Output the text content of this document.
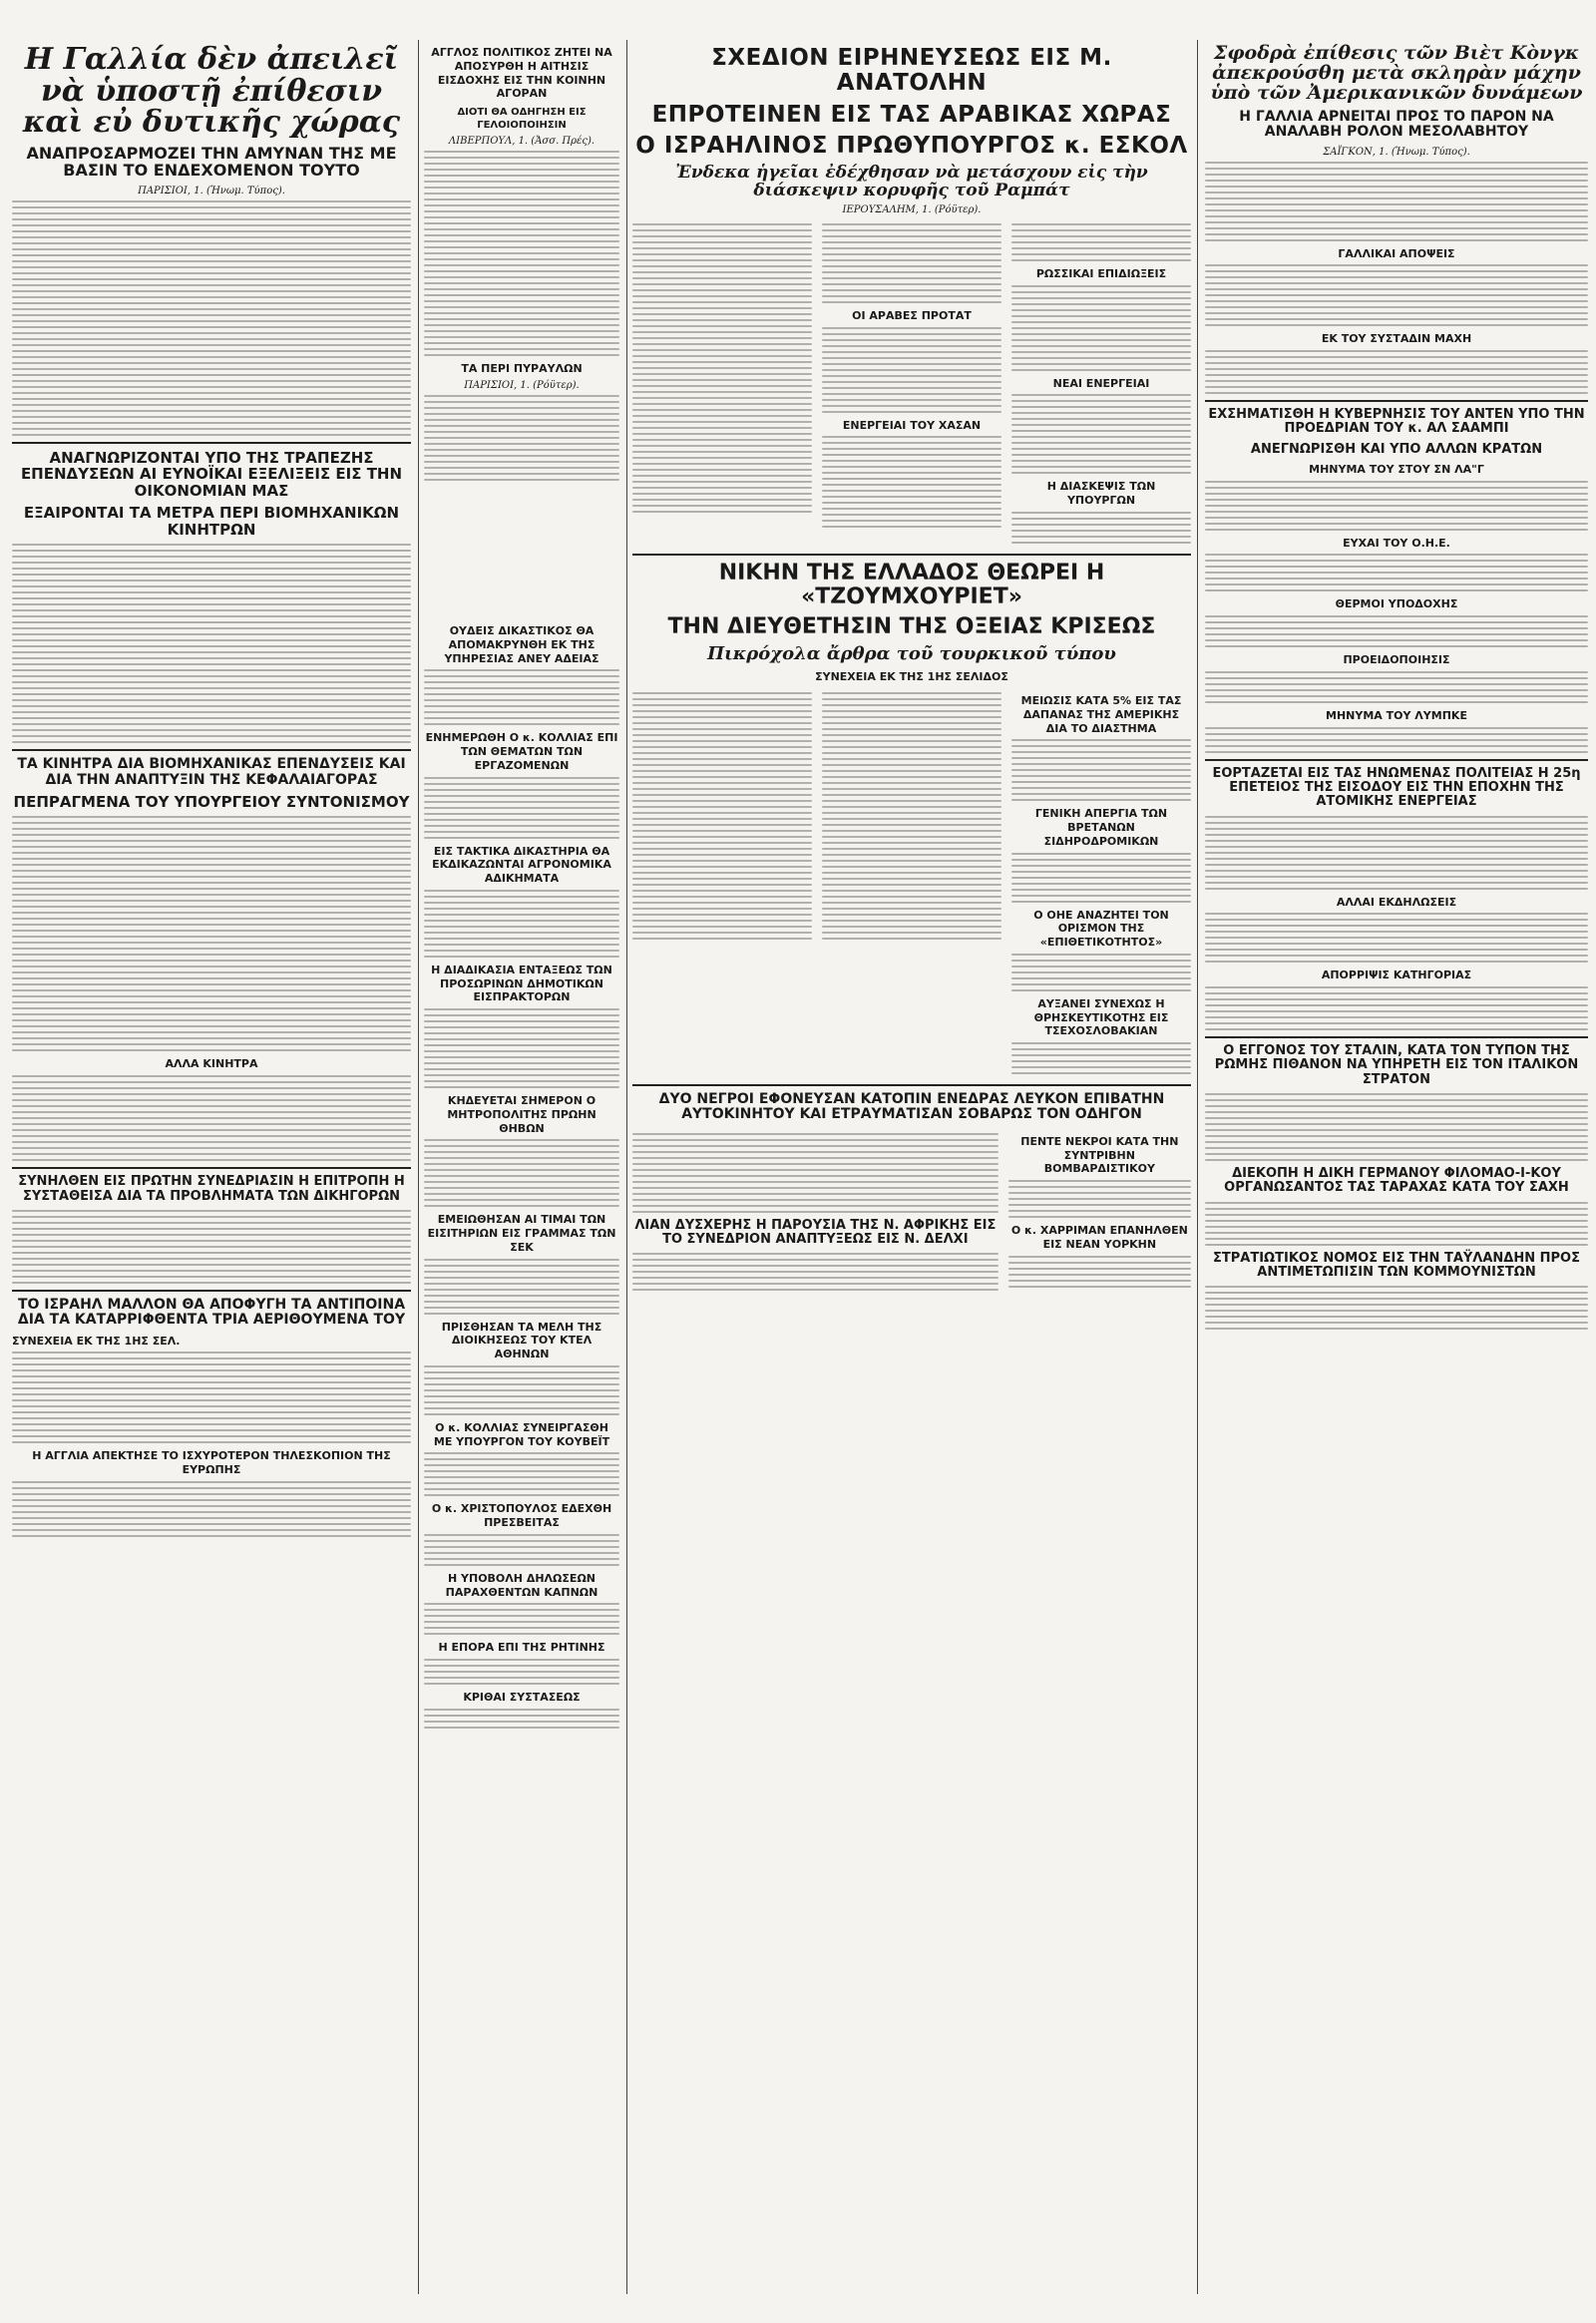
Η Γαλλία δὲν ἀπειλεῖ νὰ ὑποστῇ ἐπίθεσιν καὶ εὐ δυτικῆς χώρας
ΑΝΑΠΡΟΣΑΡΜΟΖΕΙ ΤΗΝ ΑΜΥΝΑΝ ΤΗΣ ΜΕ ΒΑΣΙΝ ΤΟ ΕΝΔΕΧΟΜΕΝΟΝ ΤΟΥΤΟ
ΠΑΡΙΣΙΟΙ, 1. (Ἡνωμ. Τύπος).
ΑΝΑΓΝΩΡΙΖΟΝΤΑΙ ΥΠΟ ΤΗΣ ΤΡΑΠΕΖΗΣ ΕΠΕΝΔΥΣΕΩΝ ΑΙ ΕΥΝΟΪΚΑΙ ΕΞΕΛΙΞΕΙΣ ΕΙΣ ΤΗΝ ΟΙΚΟΝΟΜΙΑΝ ΜΑΣ
ΕΞΑΙΡΟΝΤΑΙ ΤΑ ΜΕΤΡΑ ΠΕΡΙ ΒΙΟΜΗΧΑΝΙΚΩΝ ΚΙΝΗΤΡΩΝ
ΤΑ ΚΙΝΗΤΡΑ ΔΙΑ ΒΙΟΜΗΧΑΝΙΚΑΣ ΕΠΕΝΔΥΣΕΙΣ ΚΑΙ ΔΙΑ ΤΗΝ ΑΝΑΠΤΥΞΙΝ ΤΗΣ ΚΕΦΑΛΑΙΑΓΟΡΑΣ
ΠΕΠΡΑΓΜΕΝΑ ΤΟΥ ΥΠΟΥΡΓΕΙΟΥ ΣΥΝΤΟΝΙΣΜΟΥ
ΑΛΛΑ ΚΙΝΗΤΡΑ
ΣΥΝΗΛΘΕΝ ΕΙΣ ΠΡΩΤΗΝ ΣΥΝΕΔΡΙΑΣΙΝ Η ΕΠΙΤΡΟΠΗ Η ΣΥΣΤΑΘΕΙΣΑ ΔΙΑ ΤΑ ΠΡΟΒΛΗΜΑΤΑ ΤΩΝ ΔΙΚΗΓΟΡΩΝ
ΤΟ ΙΣΡΑΗΛ ΜΑΛΛΟΝ ΘΑ ΑΠΟΦΥΓΗ ΤΑ ΑΝΤΙΠΟΙΝΑ ΔΙΑ ΤΑ ΚΑΤΑΡΡΙΦΘΕΝΤΑ ΤΡΙΑ ΑΕΡΙΘΟΥΜΕΝΑ ΤΟΥ
ΣΥΝΕΧΕΙΑ ΕΚ ΤΗΣ 1ΗΣ ΣΕΛ.
Η ΑΓΓΛΙΑ ΑΠΕΚΤΗΣΕ ΤΟ ΙΣΧΥΡΟΤΕΡΟΝ ΤΗΛΕΣΚΟΠΙΟΝ ΤΗΣ ΕΥΡΩΠΗΣ
ΑΓΓΛΟΣ ΠΟΛΙΤΙΚΟΣ ΖΗΤΕΙ ΝΑ ΑΠΟΣΥΡΘΗ Η ΑΙΤΗΣΙΣ ΕΙΣΔΟΧΗΣ ΕΙΣ ΤΗΝ ΚΟΙΝΗΝ ΑΓΟΡΑΝ
ΔΙΟΤΙ ΘΑ ΟΔΗΓΗΣΗ ΕΙΣ ΓΕΛΟΙΟΠΟΙΗΣΙΝ
ΛΙΒΕΡΠΟΥΛ, 1. (Ἀσσ. Πρές).
ΤΑ ΠΕΡΙ ΠΥΡΑΥΛΩΝ
ΠΑΡΙΣΙΟΙ, 1. (Ρόϋτερ).
ΟΥΔΕΙΣ ΔΙΚΑΣΤΙΚΟΣ ΘΑ ΑΠΟΜΑΚΡΥΝΘΗ ΕΚ ΤΗΣ ΥΠΗΡΕΣΙΑΣ ΑΝΕΥ ΑΔΕΙΑΣ
ΕΝΗΜΕΡΩΘΗ Ο κ. ΚΟΛΛΙΑΣ ΕΠΙ ΤΩΝ ΘΕΜΑΤΩΝ ΤΩΝ ΕΡΓΑΖΟΜΕΝΩΝ
ΕΙΣ ΤΑΚΤΙΚΑ ΔΙΚΑΣΤΗΡΙΑ ΘΑ ΕΚΔΙΚΑΖΩΝΤΑΙ ΑΓΡΟΝΟΜΙΚΑ ΑΔΙΚΗΜΑΤΑ
Η ΔΙΑΔΙΚΑΣΙΑ ΕΝΤΑΞΕΩΣ ΤΩΝ ΠΡΟΣΩΡΙΝΩΝ ΔΗΜΟΤΙΚΩΝ ΕΙΣΠΡΑΚΤΟΡΩΝ
ΚΗΔΕΥΕΤΑΙ ΣΗΜΕΡΟΝ Ο ΜΗΤΡΟΠΟΛΙΤΗΣ ΠΡΩΗΝ ΘΗΒΩΝ
ΕΜΕΙΩΘΗΣΑΝ ΑΙ ΤΙΜΑΙ ΤΩΝ ΕΙΣΙΤΗΡΙΩΝ ΕΙΣ ΓΡΑΜΜΑΣ ΤΩΝ ΣΕΚ
ΠΡΙΣΘΗΣΑΝ ΤΑ ΜΕΛΗ ΤΗΣ ΔΙΟΙΚΗΣΕΩΣ ΤΟΥ ΚΤΕΛ ΑΘΗΝΩΝ
Ο κ. ΚΟΛΛΙΑΣ ΣΥΝΕΙΡΓΑΣΘΗ ΜΕ ΥΠΟΥΡΓΟΝ ΤΟΥ ΚΟΥΒΕΪΤ
Ο κ. ΧΡΙΣΤΟΠΟΥΛΟΣ ΕΔΕΧΘΗ ΠΡΕΣΒΕΙΤΑΣ
Η ΥΠΟΒΟΛΗ ΔΗΛΩΣΕΩΝ ΠΑΡΑΧΘΕΝΤΩΝ ΚΑΠΝΩΝ
Η ΕΠΟΡΑ ΕΠΙ ΤΗΣ ΡΗΤΙΝΗΣ
ΚΡΙΘΑΙ ΣΥΣΤΑΣΕΩΣ
ΣΧΕΔΙΟΝ ΕΙΡΗΝΕΥΣΕΩΣ ΕΙΣ Μ. ΑΝΑΤΟΛΗΝ
ΕΠΡΟΤΕΙΝΕΝ ΕΙΣ ΤΑΣ ΑΡΑΒΙΚΑΣ ΧΩΡΑΣ
Ο ΙΣΡΑΗΛΙΝΟΣ ΠΡΩΘΥΠΟΥΡΓΟΣ κ. ΕΣΚΟΛ
Ἐνδεκα ἡγεῖαι ἐδέχθησαν νὰ μετάσχουν εἰς τὴν διάσκεψιν κορυφῆς τοῦ Ραμπάτ
ΙΕΡΟΥΣΑΛΗΜ, 1. (Ρόϋτερ).
ΟΙ ΑΡΑΒΕΣ ΠΡΟΤΑΤ
ΕΝΕΡΓΕΙΑΙ ΤΟΥ ΧΑΣΑΝ
ΡΩΣΣΙΚΑΙ ΕΠΙΔΙΩΞΕΙΣ
ΝΕΑΙ ΕΝΕΡΓΕΙΑΙ
Η ΔΙΑΣΚΕΨΙΣ ΤΩΝ ΥΠΟΥΡΓΩΝ
ΝΙΚΗΝ ΤΗΣ ΕΛΛΑΔΟΣ ΘΕΩΡΕΙ Η «ΤΖΟΥΜΧΟΥΡΙΕΤ»
ΤΗΝ ΔΙΕΥΘΕΤΗΣΙΝ ΤΗΣ ΟΞΕΙΑΣ ΚΡΙΣΕΩΣ
Πικρόχολα ἄρθρα τοῦ τουρκικοῦ τύπου
ΣΥΝΕΧΕΙΑ ΕΚ ΤΗΣ 1ΗΣ ΣΕΛΙΔΟΣ
ΜΕΙΩΣΙΣ ΚΑΤΑ 5% ΕΙΣ ΤΑΣ ΔΑΠΑΝΑΣ ΤΗΣ ΑΜΕΡΙΚΗΣ ΔΙΑ ΤΟ ΔΙΑΣΤΗΜΑ
ΓΕΝΙΚΗ ΑΠΕΡΓΙΑ ΤΩΝ ΒΡΕΤΑΝΩΝ ΣΙΔΗΡΟΔΡΟΜΙΚΩΝ
Ο ΟΗΕ ΑΝΑΖΗΤΕΙ ΤΟΝ ΟΡΙΣΜΟΝ ΤΗΣ «ΕΠΙΘΕΤΙΚΟΤΗΤΟΣ»
ΑΥΞΑΝΕΙ ΣΥΝΕΧΩΣ Η ΘΡΗΣΚΕΥΤΙΚΟΤΗΣ ΕΙΣ ΤΣΕΧΟΣΛΟΒΑΚΙΑΝ
ΔΥΟ ΝΕΓΡΟΙ ΕΦΟΝΕΥΣΑΝ ΚΑΤΟΠΙΝ ΕΝΕΔΡΑΣ ΛΕΥΚΟΝ ΕΠΙΒΑΤΗΝ ΑΥΤΟΚΙΝΗΤΟΥ ΚΑΙ ΕΤΡΑΥΜΑΤΙΣΑΝ ΣΟΒΑΡΩΣ ΤΟΝ ΟΔΗΓΟΝ
ΛΙΑΝ ΔΥΣΧΕΡΗΣ Η ΠΑΡΟΥΣΙΑ ΤΗΣ Ν. ΑΦΡΙΚΗΣ ΕΙΣ ΤΟ ΣΥΝΕΔΡΙΟΝ ΑΝΑΠΤΥΞΕΩΣ ΕΙΣ Ν. ΔΕΛΧΙ
ΠΕΝΤΕ ΝΕΚΡΟΙ ΚΑΤΑ ΤΗΝ ΣΥΝΤΡΙΒΗΝ ΒΟΜΒΑΡΔΙΣΤΙΚΟΥ
Ο κ. ΧΑΡΡΙΜΑΝ ΕΠΑΝΗΛΘΕΝ ΕΙΣ ΝΕΑΝ ΥΟΡΚΗΝ
Σφοδρὰ ἐπίθεσις τῶν Βιὲτ Κὸνγκ ἀπεκρούσθη μετὰ σκληρὰν μάχην ὑπὸ τῶν Ἀμερικανικῶν δυνάμεων
Η ΓΑΛΛΙΑ ΑΡΝΕΙΤΑΙ ΠΡΟΣ ΤΟ ΠΑΡΟΝ ΝΑ ΑΝΑΛΑΒΗ ΡΟΛΟΝ ΜΕΣΟΛΑΒΗΤΟΥ
ΣΑΪΓΚΟΝ, 1. (Ἡνωμ. Τύπος).
ΓΑΛΛΙΚΑΙ ΑΠΟΨΕΙΣ
ΕΚ ΤΟΥ ΣΥΣΤΑΔΙΝ ΜΑΧΗ
ΕΧΣΗΜΑΤΙΣΘΗ Η ΚΥΒΕΡΝΗΣΙΣ ΤΟΥ ΑΝΤΕΝ ΥΠΟ ΤΗΝ ΠΡΟΕΔΡΙΑΝ ΤΟΥ κ. ΑΛ ΣΑΑΜΠΙ
ΑΝΕΓΝΩΡΙΣΘΗ ΚΑΙ ΥΠΟ ΑΛΛΩΝ ΚΡΑΤΩΝ
ΜΗΝΥΜΑ ΤΟΥ ΣΤΟΥ ΣΝ ΛΑ"Γ
ΕΥΧΑΙ ΤΟΥ Ο.Η.Ε.
ΘΕΡΜΟΙ ΥΠΟΔΟΧΗΣ
ΠΡΟΕΙΔΟΠΟΙΗΣΙΣ
ΜΗΝΥΜΑ ΤΟΥ ΛΥΜΠΚΕ
ΕΟΡΤΑΖΕΤΑΙ ΕΙΣ ΤΑΣ ΗΝΩΜΕΝΑΣ ΠΟΛΙΤΕΙΑΣ Η 25η ΕΠΕΤΕΙΟΣ ΤΗΣ ΕΙΣΟΔΟΥ ΕΙΣ ΤΗΝ ΕΠΟΧΗΝ ΤΗΣ ΑΤΟΜΙΚΗΣ ΕΝΕΡΓΕΙΑΣ
ΑΛΛΑΙ ΕΚΔΗΛΩΣΕΙΣ
ΑΠΟΡΡΙΨΙΣ ΚΑΤΗΓΟΡΙΑΣ
Ο ΕΓΓΟΝΟΣ ΤΟΥ ΣΤΑΛΙΝ, ΚΑΤΑ ΤΟΝ ΤΥΠΟΝ ΤΗΣ ΡΩΜΗΣ ΠΙΘΑΝΟΝ ΝΑ ΥΠΗΡΕΤΗ ΕΙΣ ΤΟΝ ΙΤΑΛΙΚΟΝ ΣΤΡΑΤΟΝ
ΔΙΕΚΟΠΗ Η ΔΙΚΗ ΓΕΡΜΑΝΟΥ ΦΙΛΟΜΑΟ-Ι-ΚΟΥ ΟΡΓΑΝΩΣΑΝΤΟΣ ΤΑΣ ΤΑΡΑΧΑΣ ΚΑΤΑ ΤΟΥ ΣΑΧΗ
ΣΤΡΑΤΙΩΤΙΚΟΣ ΝΟΜΟΣ ΕΙΣ ΤΗΝ ΤΑΫΛΑΝΔΗΝ ΠΡΟΣ ΑΝΤΙΜΕΤΩΠΙΣΙΝ ΤΩΝ ΚΟΜΜΟΥΝΙΣΤΩΝ
